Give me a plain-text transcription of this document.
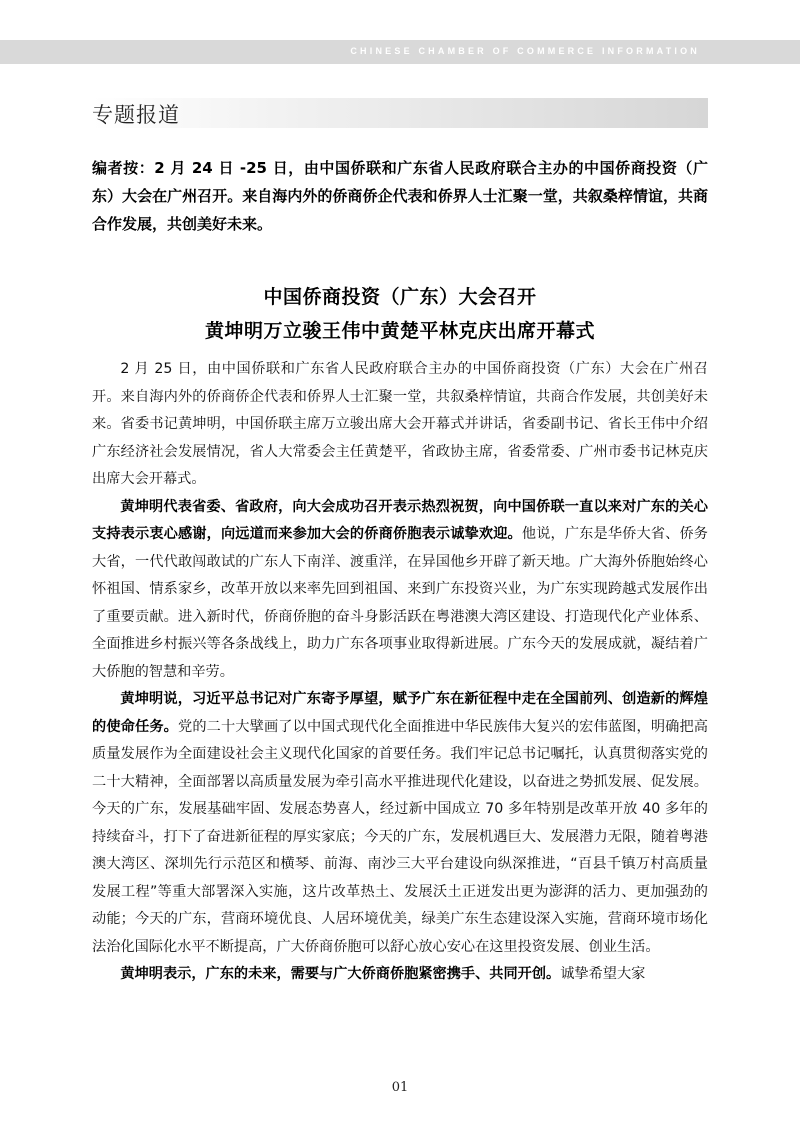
CHINESE CHAMBER OF COMMERCE INFORMATION
专题报道
编者按：2 月 24 日 -25 日，由中国侨联和广东省人民政府联合主办的中国侨商投资（广东）大会在广州召开。来自海内外的侨商侨企代表和侨界人士汇聚一堂，共叙桑梓情谊，共商合作发展，共创美好未来。
中国侨商投资（广东）大会召开
黄坤明万立骏王伟中黄楚平林克庆出席开幕式

2 月 25 日，由中国侨联和广东省人民政府联合主办的中国侨商投资（广东）大会在广州召开。来自海内外的侨商侨企代表和侨界人士汇聚一堂，共叙桑梓情谊，共商合作发展，共创美好未来。省委书记黄坤明，中国侨联主席万立骏出席大会开幕式并讲话，省委副书记、省长王伟中介绍广东经济社会发展情况，省人大常委会主任黄楚平，省政协主席，省委常委、广州市委书记林克庆出席大会开幕式。

黄坤明代表省委、省政府，向大会成功召开表示热烈祝贺，向中国侨联一直以来对广东的关心支持表示衷心感谢，向远道而来参加大会的侨商侨胞表示诚挚欢迎。他说，广东是华侨大省、侨务大省，一代代敢闯敢试的广东人下南洋、渡重洋，在异国他乡开辟了新天地。广大海外侨胞始终心怀祖国、情系家乡，改革开放以来率先回到祖国、来到广东投资兴业，为广东实现跨越式发展作出了重要贡献。进入新时代，侨商侨胞的奋斗身影活跃在粤港澳大湾区建设、打造现代化产业体系、全面推进乡村振兴等各条战线上，助力广东各项事业取得新进展。广东今天的发展成就，凝结着广大侨胞的智慧和辛劳。

黄坤明说，习近平总书记对广东寄予厚望，赋予广东在新征程中走在全国前列、创造新的辉煌的使命任务。党的二十大擘画了以中国式现代化全面推进中华民族伟大复兴的宏伟蓝图，明确把高质量发展作为全面建设社会主义现代化国家的首要任务。我们牢记总书记嘱托，认真贯彻落实党的二十大精神，全面部署以高质量发展为牵引高水平推进现代化建设，以奋进之势抓发展、促发展。今天的广东，发展基础牢固、发展态势喜人，经过新中国成立 70 多年特别是改革开放 40 多年的持续奋斗，打下了奋进新征程的厚实家底；今天的广东，发展机遇巨大、发展潜力无限，随着粤港澳大湾区、深圳先行示范区和横琴、前海、南沙三大平台建设向纵深推进，“百县千镇万村高质量发展工程”等重大部署深入实施，这片改革热土、发展沃土正迸发出更为澎湃的活力、更加强劲的动能；今天的广东，营商环境优良、人居环境优美，绿美广东生态建设深入实施，营商环境市场化法治化国际化水平不断提高，广大侨商侨胞可以舒心放心安心在这里投资发展、创业生活。

黄坤明表示，广东的未来，需要与广大侨商侨胞紧密携手、共同开创。诚挚希望大家

01
